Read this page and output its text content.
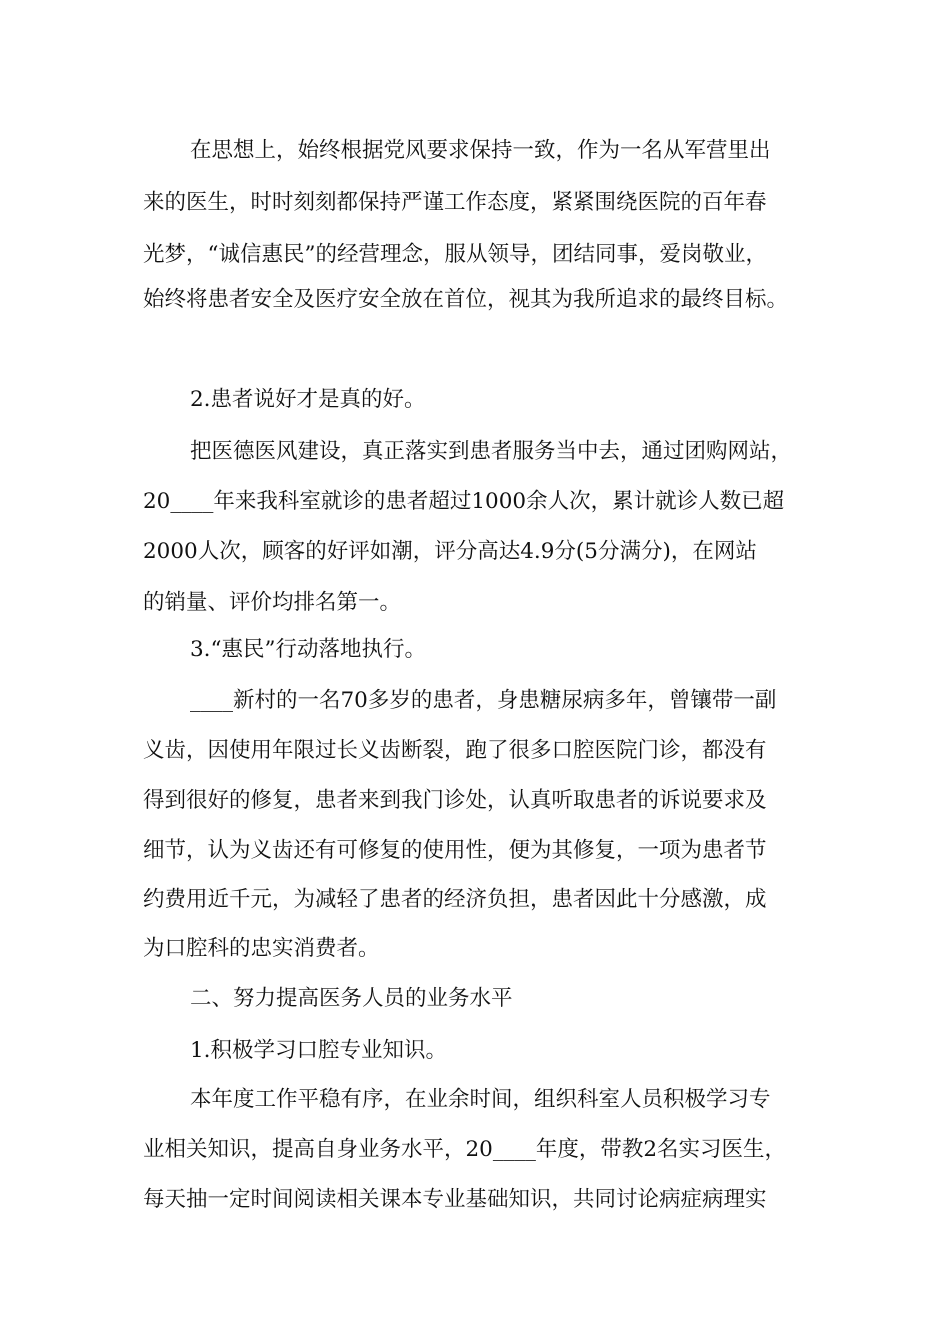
在思想上，始终根据党风要求保持一致，作为一名从军营里出
来的医生，时时刻刻都保持严谨工作态度，紧紧围绕医院的百年春
光梦，“诚信惠民”的经营理念，服从领导，团结同事，爱岗敬业，
始终将患者安全及医疗安全放在首位，视其为我所追求的最终目标。
2.患者说好才是真的好。
把医德医风建设，真正落实到患者服务当中去，通过团购网站，
20____年来我科室就诊的患者超过1000余人次，累计就诊人数已超
2000人次，顾客的好评如潮，评分高达4.9分(5分满分)，在网站
的销量、评价均排名第一。
3.“惠民”行动落地执行。
____新村的一名70多岁的患者，身患糖尿病多年，曾镶带一副
义齿，因使用年限过长义齿断裂，跑了很多口腔医院门诊，都没有
得到很好的修复，患者来到我门诊处，认真听取患者的诉说要求及
细节，认为义齿还有可修复的使用性，便为其修复，一项为患者节
约费用近千元，为减轻了患者的经济负担，患者因此十分感激，成
为口腔科的忠实消费者。
二、努力提高医务人员的业务水平
1.积极学习口腔专业知识。
本年度工作平稳有序，在业余时间，组织科室人员积极学习专
业相关知识，提高自身业务水平，20____年度，带教2名实习医生，
每天抽一定时间阅读相关课本专业基础知识，共同讨论病症病理实
